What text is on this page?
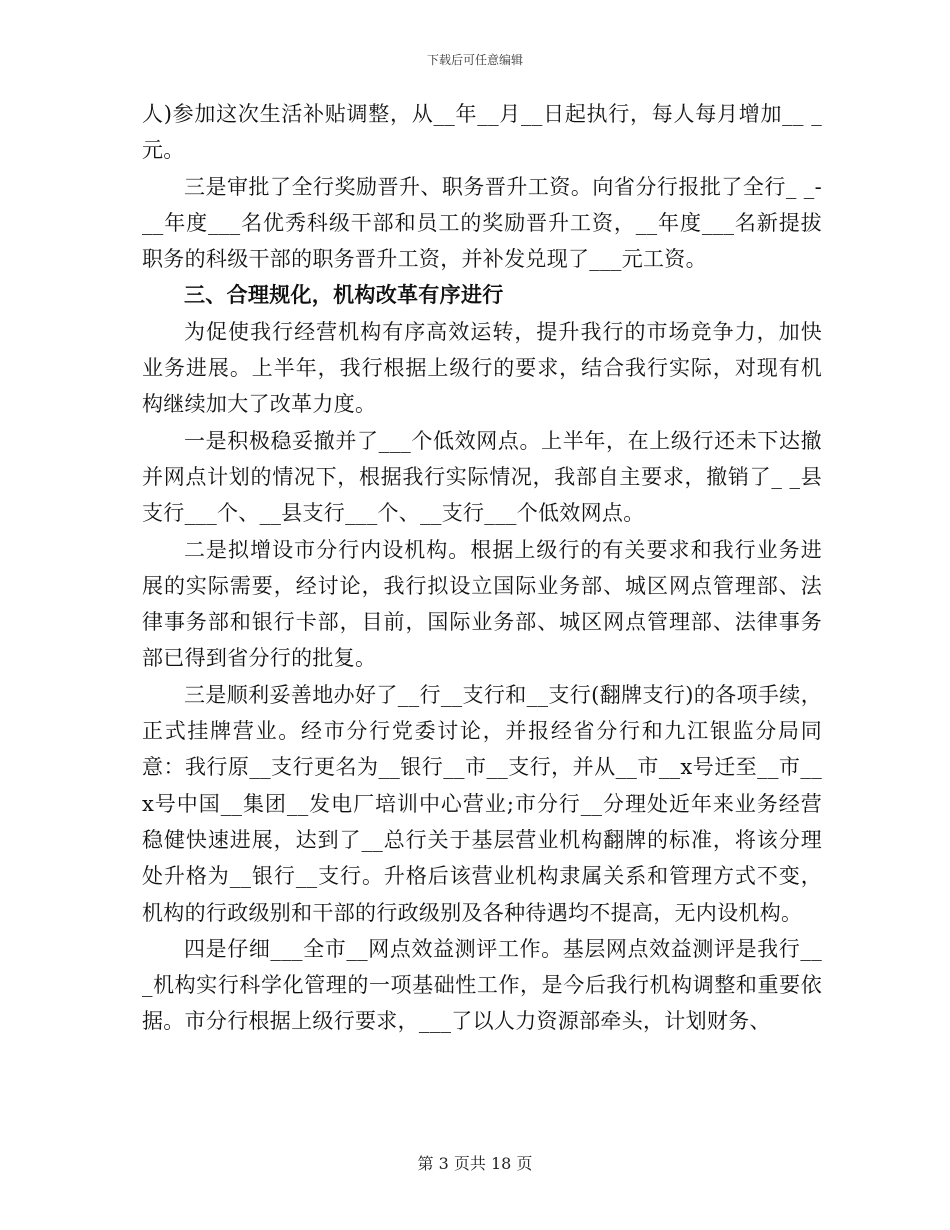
下载后可任意编辑

人)参加这次生活补贴调整，从__年__月__日起执行，每人每月增加__ _元。

三是审批了全行奖励晋升、职务晋升工资。向省分行报批了全行_ _-__年度___名优秀科级干部和员工的奖励晋升工资，__年度___名新提拔职务的科级干部的职务晋升工资，并补发兑现了___元工资。

三、合理规化，机构改革有序进行

为促使我行经营机构有序高效运转，提升我行的市场竞争力，加快业务进展。上半年，我行根据上级行的要求，结合我行实际，对现有机构继续加大了改革力度。

一是积极稳妥撤并了___个低效网点。上半年，在上级行还未下达撤并网点计划的情况下，根据我行实际情况，我部自主要求，撤销了_ _县支行___个、__县支行___个、__支行___个低效网点。

二是拟增设市分行内设机构。根据上级行的有关要求和我行业务进展的实际需要，经讨论，我行拟设立国际业务部、城区网点管理部、法律事务部和银行卡部，目前，国际业务部、城区网点管理部、法律事务部已得到省分行的批复。

三是顺利妥善地办好了__行__支行和__支行(翻牌支行)的各项手续，正式挂牌营业。经市分行党委讨论，并报经省分行和九江银监分局同意：我行原__支行更名为__银行__市__支行，并从__市__x号迁至__市__x号中国__集团__发电厂培训中心营业;市分行__分理处近年来业务经营稳健快速进展，达到了__总行关于基层营业机构翻牌的标准，将该分理处升格为__银行__支行。升格后该营业机构隶属关系和管理方式不变，机构的行政级别和干部的行政级别及各种待遇均不提高，无内设机构。

四是仔细___全市__网点效益测评工作。基层网点效益测评是我行___机构实行科学化管理的一项基础性工作，是今后我行机构调整和重要依据。市分行根据上级行要求，___了以人力资源部牵头，计划财务、

第 3 页共 18 页
